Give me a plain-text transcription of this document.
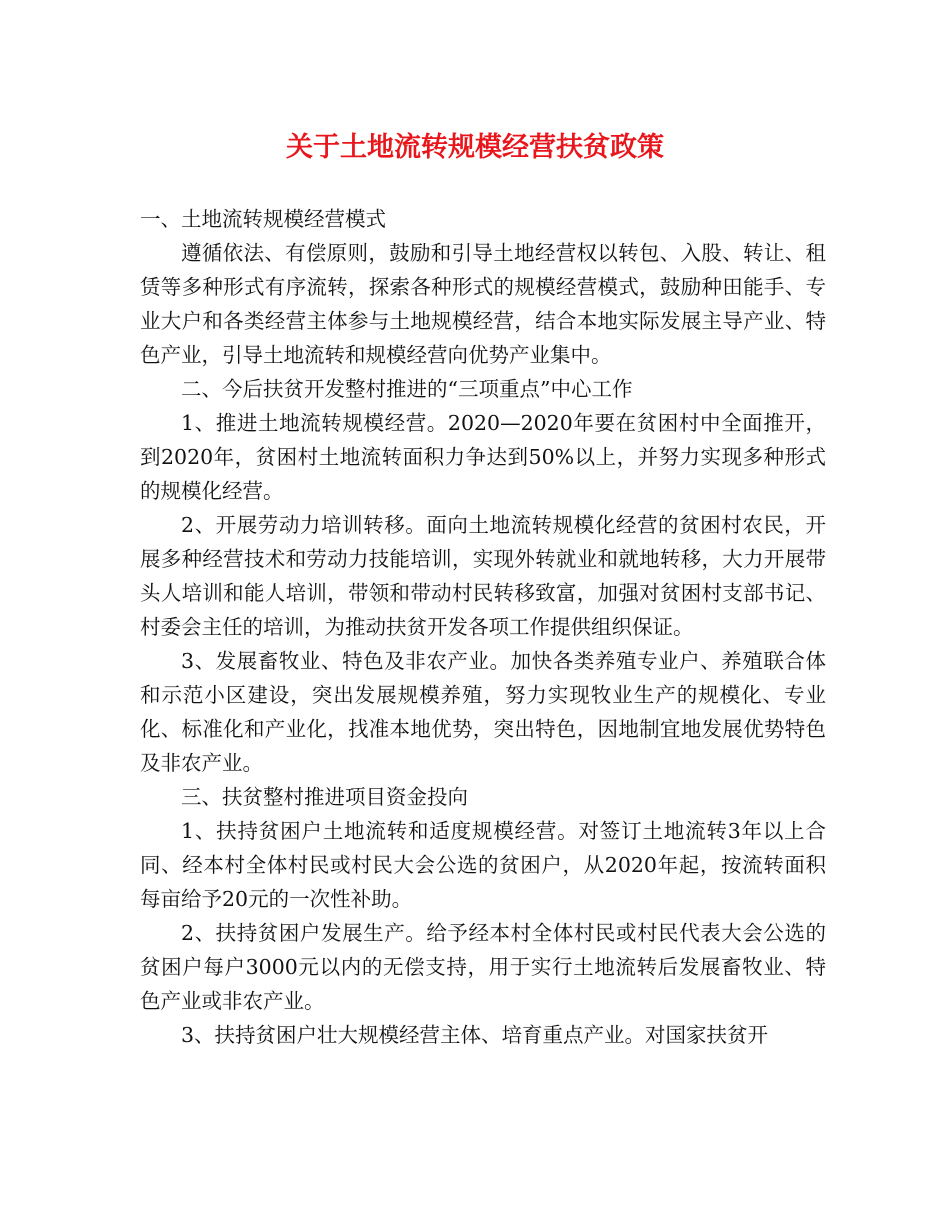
关于土地流转规模经营扶贫政策

一、土地流转规模经营模式

遵循依法、有偿原则，鼓励和引导土地经营权以转包、入股、转让、租赁等多种形式有序流转，探索各种形式的规模经营模式，鼓励种田能手、专业大户和各类经营主体参与土地规模经营，结合本地实际发展主导产业、特色产业，引导土地流转和规模经营向优势产业集中。

二、今后扶贫开发整村推进的“三项重点”中心工作

1、推进土地流转规模经营。2020—2020年要在贫困村中全面推开，到2020年，贫困村土地流转面积力争达到50%以上，并努力实现多种形式的规模化经营。

2、开展劳动力培训转移。面向土地流转规模化经营的贫困村农民，开展多种经营技术和劳动力技能培训，实现外转就业和就地转移，大力开展带头人培训和能人培训，带领和带动村民转移致富，加强对贫困村支部书记、村委会主任的培训，为推动扶贫开发各项工作提供组织保证。

3、发展畜牧业、特色及非农产业。加快各类养殖专业户、养殖联合体和示范小区建设，突出发展规模养殖，努力实现牧业生产的规模化、专业化、标准化和产业化，找准本地优势，突出特色，因地制宜地发展优势特色及非农产业。

三、扶贫整村推进项目资金投向

1、扶持贫困户土地流转和适度规模经营。对签订土地流转3年以上合同、经本村全体村民或村民大会公选的贫困户，从2020年起，按流转面积每亩给予20元的一次性补助。

2、扶持贫困户发展生产。给予经本村全体村民或村民代表大会公选的贫困户每户3000元以内的无偿支持，用于实行土地流转后发展畜牧业、特色产业或非农产业。

3、扶持贫困户壮大规模经营主体、培育重点产业。对国家扶贫开
